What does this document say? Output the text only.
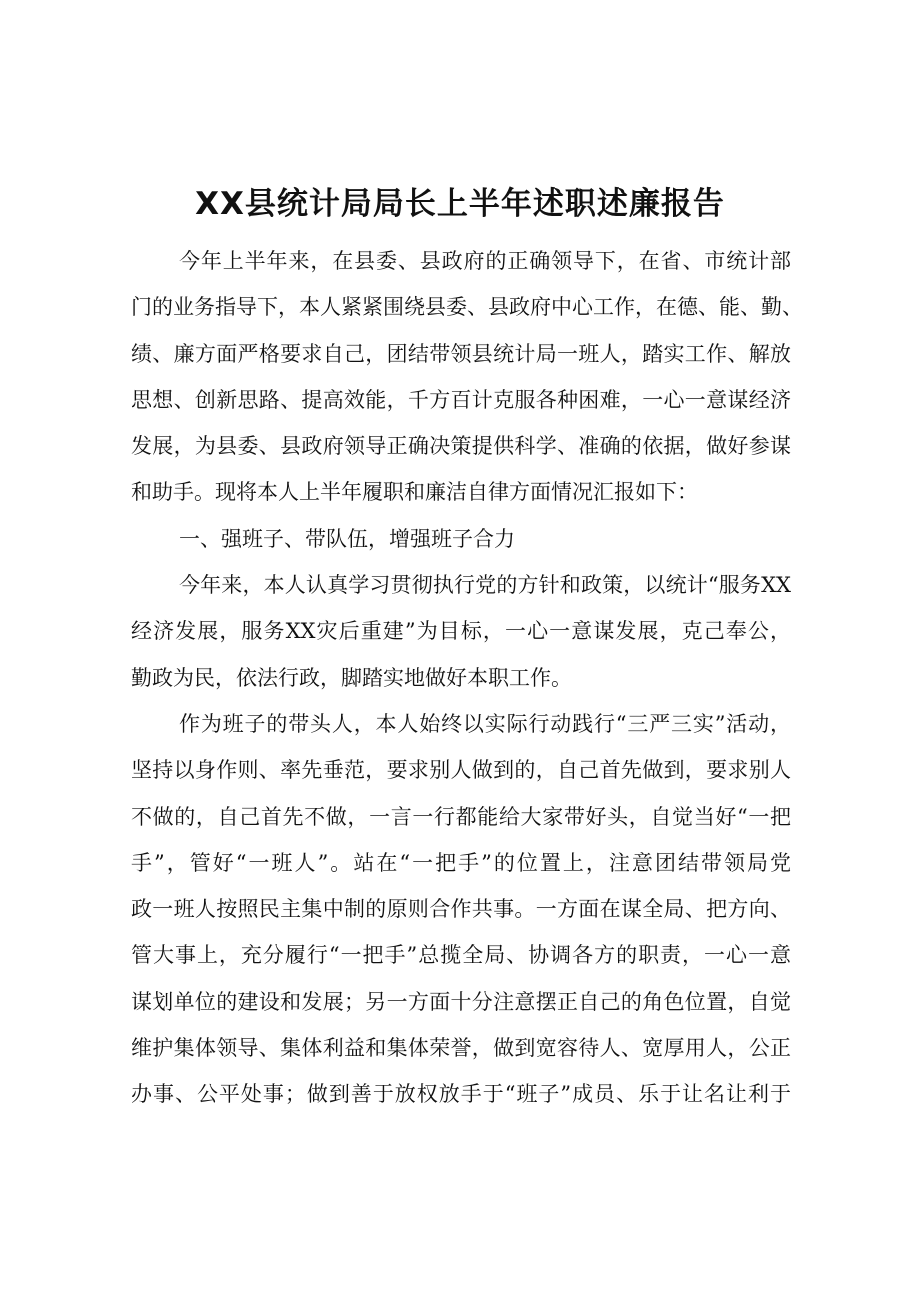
XX县统计局局长上半年述职述廉报告
今年上半年来，在县委、县政府的正确领导下，在省、市统计部
门的业务指导下，本人紧紧围绕县委、县政府中心工作，在德、能、勤、
绩、廉方面严格要求自己，团结带领县统计局一班人，踏实工作、解放
思想、创新思路、提高效能，千方百计克服各种困难，一心一意谋经济
发展，为县委、县政府领导正确决策提供科学、准确的依据，做好参谋
和助手。现将本人上半年履职和廉洁自律方面情况汇报如下：
一、强班子、带队伍，增强班子合力
今年来，本人认真学习贯彻执行党的方针和政策，以统计“服务XX
经济发展，服务XX灾后重建”为目标，一心一意谋发展，克己奉公，
勤政为民，依法行政，脚踏实地做好本职工作。
作为班子的带头人，本人始终以实际行动践行“三严三实”活动，
坚持以身作则、率先垂范，要求别人做到的，自己首先做到，要求别人
不做的，自己首先不做，一言一行都能给大家带好头，自觉当好“一把
手”，管好“一班人”。站在“一把手”的位置上，注意团结带领局党
政一班人按照民主集中制的原则合作共事。一方面在谋全局、把方向、
管大事上，充分履行“一把手”总揽全局、协调各方的职责，一心一意
谋划单位的建设和发展；另一方面十分注意摆正自己的角色位置，自觉
维护集体领导、集体利益和集体荣誉，做到宽容待人、宽厚用人，公正
办事、公平处事；做到善于放权放手于“班子”成员、乐于让名让利于
